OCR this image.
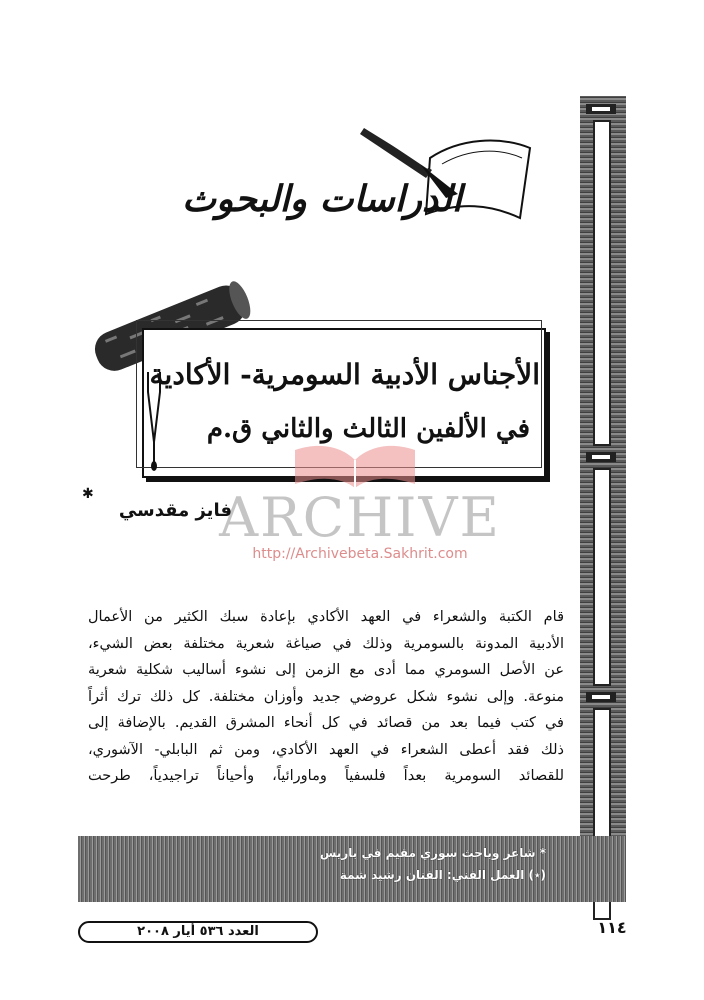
* شاعر وباحث سوري مقيم في باريس
(٭) العمل الفني: الفنان رشيد شمة
الدراسات والبحوث
الأجناس الأدبية السومرية- الأكادية
في الألفين الثالث والثاني ق.م
ARCHIVE
http://Archivebeta.Sakhrit.com
فايز مقدسي
✱
قام الكتبة والشعراء في العهد الأكادي بإعادة سبك الكثير من الأعمال
الأدبية المدونة بالسومرية وذلك في صياغة شعرية مختلفة بعض الشيء،
عن الأصل السومري مما أدى مع الزمن إلى نشوء أساليب شكلية شعرية
منوعة. وإلى نشوء شكل عروضي جديد وأوزان مختلفة. كل ذلك ترك أثراً
في كتب فيما بعد من قصائد في كل أنحاء المشرق القديم. بالإضافة إلى
ذلك فقد أعطى الشعراء في العهد الأكادي، ومن ثم البابلي- الآشوري،
للقصائد السومرية بعداً فلسفياً وماورائياً، وأحياناً تراجيدياً، طرحت
العدد ٥٣٦ أيار ٢٠٠٨	١١٤
